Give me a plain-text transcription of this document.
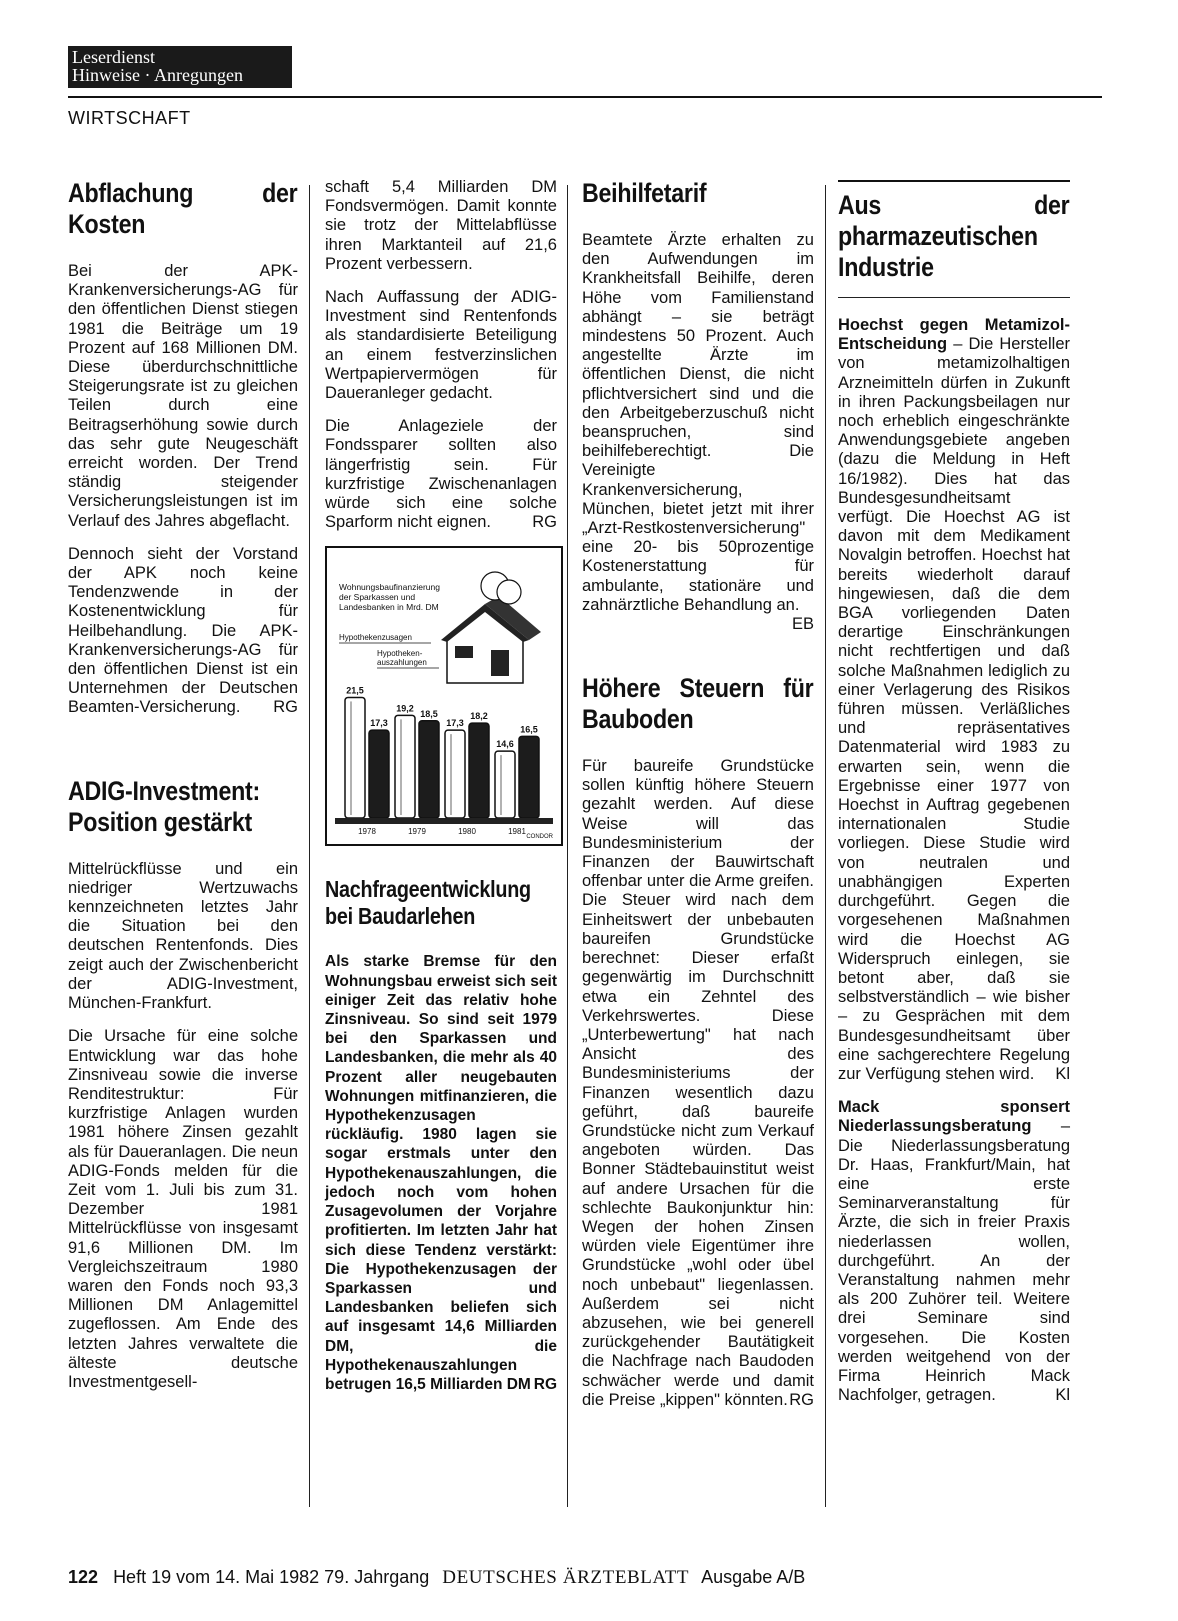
Leserdienst
Hinweise · Anregungen
WIRTSCHAFT
Abflachung der Kosten

Bei der APK-Krankenversicherungs-AG für den öffentlichen Dienst stiegen 1981 die Beiträge um 19 Prozent auf 168 Millionen DM. Diese überdurchschnittliche Steigerungsrate ist zu gleichen Teilen durch eine Beitragserhöhung sowie durch das sehr gute Neugeschäft erreicht worden. Der Trend ständig steigender Versicherungsleistungen ist im Verlauf des Jahres abgeflacht.

Dennoch sieht der Vorstand der APK noch keine Tendenzwende in der Kostenentwicklung für Heilbehandlung. Die APK-Krankenversicherungs-AG für den öffentlichen Dienst ist ein Unternehmen der Deutschen Beamten-Versicherung. RG

ADIG-Investment: Position gestärkt

Mittelrückflüsse und ein niedriger Wertzuwachs kennzeichneten letztes Jahr die Situation bei den deutschen Rentenfonds. Dies zeigt auch der Zwischenbericht der ADIG-Investment, München-Frankfurt.

Die Ursache für eine solche Entwicklung war das hohe Zinsniveau sowie die inverse Renditestruktur: Für kurzfristige Anlagen wurden 1981 höhere Zinsen gezahlt als für Daueranlagen. Die neun ADIG-Fonds melden für die Zeit vom 1. Juli bis zum 31. Dezember 1981 Mittelrückflüsse von insgesamt 91,6 Millionen DM. Im Vergleichszeitraum 1980 waren den Fonds noch 93,3 Millionen DM Anlagemittel zugeflossen. Am Ende des letzten Jahres verwaltete die älteste deutsche Investmentgesell-

schaft 5,4 Milliarden DM Fondsvermögen. Damit konnte sie trotz der Mittelabflüsse ihren Marktanteil auf 21,6 Prozent verbessern.

Nach Auffassung der ADIG-Investment sind Rentenfonds als standardisierte Beteiligung an einem festverzinslichen Wertpapiervermögen für Daueranleger gedacht.

Die Anlageziele der Fondssparer sollten also längerfristig sein. Für kurzfristige Zwischenanlagen würde sich eine solche Sparform nicht eignen. RG

Wohnungsbaufinanzierung
der Sparkassen und
Landesbanken in Mrd. DM
Hypothekenzusagen
Hypotheken-
auszahlungen
21,5
17,3
19,2
18,5
17,3
18,2
14,6
16,5
1978	1979	1980	1981
CONDOR
Nachfrageentwicklung bei Baudarlehen

Als starke Bremse für den Wohnungsbau erweist sich seit einiger Zeit das relativ hohe Zinsniveau. So sind seit 1979 bei den Sparkassen und Landesbanken, die mehr als 40 Prozent aller neugebauten Wohnungen mitfinanzieren, die Hypothekenzusagen rückläufig. 1980 lagen sie sogar erstmals unter den Hypothekenauszahlungen, die jedoch noch vom hohen Zusagevolumen der Vorjahre profitierten. Im letzten Jahr hat sich diese Tendenz verstärkt: Die Hypothekenzusagen der Sparkassen und Landesbanken beliefen sich auf insgesamt 14,6 Milliarden DM, die Hypothekenauszahlungen betrugen 16,5 Milliarden DM RG

Beihilfetarif

Beamtete Ärzte erhalten zu den Aufwendungen im Krankheitsfall Beihilfe, deren Höhe vom Familienstand abhängt – sie beträgt mindestens 50 Prozent. Auch angestellte Ärzte im öffentlichen Dienst, die nicht pflichtversichert sind und die den Arbeitgeberzuschuß nicht beanspruchen, sind beihilfeberechtigt. Die Vereinigte Krankenversicherung, München, bietet jetzt mit ihrer „Arzt-Restkostenversicherung" eine 20- bis 50prozentige Kostenerstattung für ambulante, stationäre und zahnärztliche Behandlung an.
EB

Höhere Steuern für Bauboden

Für baureife Grundstücke sollen künftig höhere Steuern gezahlt werden. Auf diese Weise will das Bundesministerium der Finanzen der Bauwirtschaft offenbar unter die Arme greifen. Die Steuer wird nach dem Einheitswert der unbebauten baureifen Grundstücke berechnet: Dieser erfaßt gegenwärtig im Durchschnitt etwa ein Zehntel des Verkehrswertes. Diese „Unterbewertung" hat nach Ansicht des Bundesministeriums der Finanzen wesentlich dazu geführt, daß baureife Grundstücke nicht zum Verkauf angeboten würden. Das Bonner Städtebauinstitut weist auf andere Ursachen für die schlechte Baukonjunktur hin: Wegen der hohen Zinsen würden viele Eigentümer ihre Grundstücke „wohl oder übel noch unbebaut" liegenlassen. Außerdem sei nicht abzusehen, wie bei generell zurückgehender Bautätigkeit die Nachfrage nach Baudoden schwächer werde und damit die Preise „kippen" könnten. RG

Aus der pharmazeutischen Industrie

Hoechst gegen Metamizol-Entscheidung – Die Hersteller von metamizolhaltigen Arzneimitteln dürfen in Zukunft in ihren Packungsbeilagen nur noch erheblich eingeschränkte Anwendungsgebiete angeben (dazu die Meldung in Heft 16/1982). Dies hat das Bundesgesundheitsamt verfügt. Die Hoechst AG ist davon mit dem Medikament Novalgin betroffen. Hoechst hat bereits wiederholt darauf hingewiesen, daß die dem BGA vorliegenden Daten derartige Einschränkungen nicht rechtfertigen und daß solche Maßnahmen lediglich zu einer Verlagerung des Risikos führen müssen. Verläßliches und repräsentatives Datenmaterial wird 1983 zu erwarten sein, wenn die Ergebnisse einer 1977 von Hoechst in Auftrag gegebenen internationalen Studie vorliegen. Diese Studie wird von neutralen und unabhängigen Experten durchgeführt. Gegen die vorgesehenen Maßnahmen wird die Hoechst AG Widerspruch einlegen, sie betont aber, daß sie selbstverständlich – wie bisher – zu Gesprächen mit dem Bundesgesundheitsamt über eine sachgerechtere Regelung zur Verfügung stehen wird. Kl

Mack sponsert Niederlassungsberatung – Die Niederlassungsberatung Dr. Haas, Frankfurt/Main, hat eine erste Seminarveranstaltung für Ärzte, die sich in freier Praxis niederlassen wollen, durchgeführt. An der Veranstaltung nahmen mehr als 200 Zuhörer teil. Weitere drei Seminare sind vorgesehen. Die Kosten werden weitgehend von der Firma Heinrich Mack Nachfolger, getragen.	Kl

122 Heft 19 vom 14. Mai 1982 79. Jahrgang DEUTSCHES ÄRZTEBLATT Ausgabe A/B
